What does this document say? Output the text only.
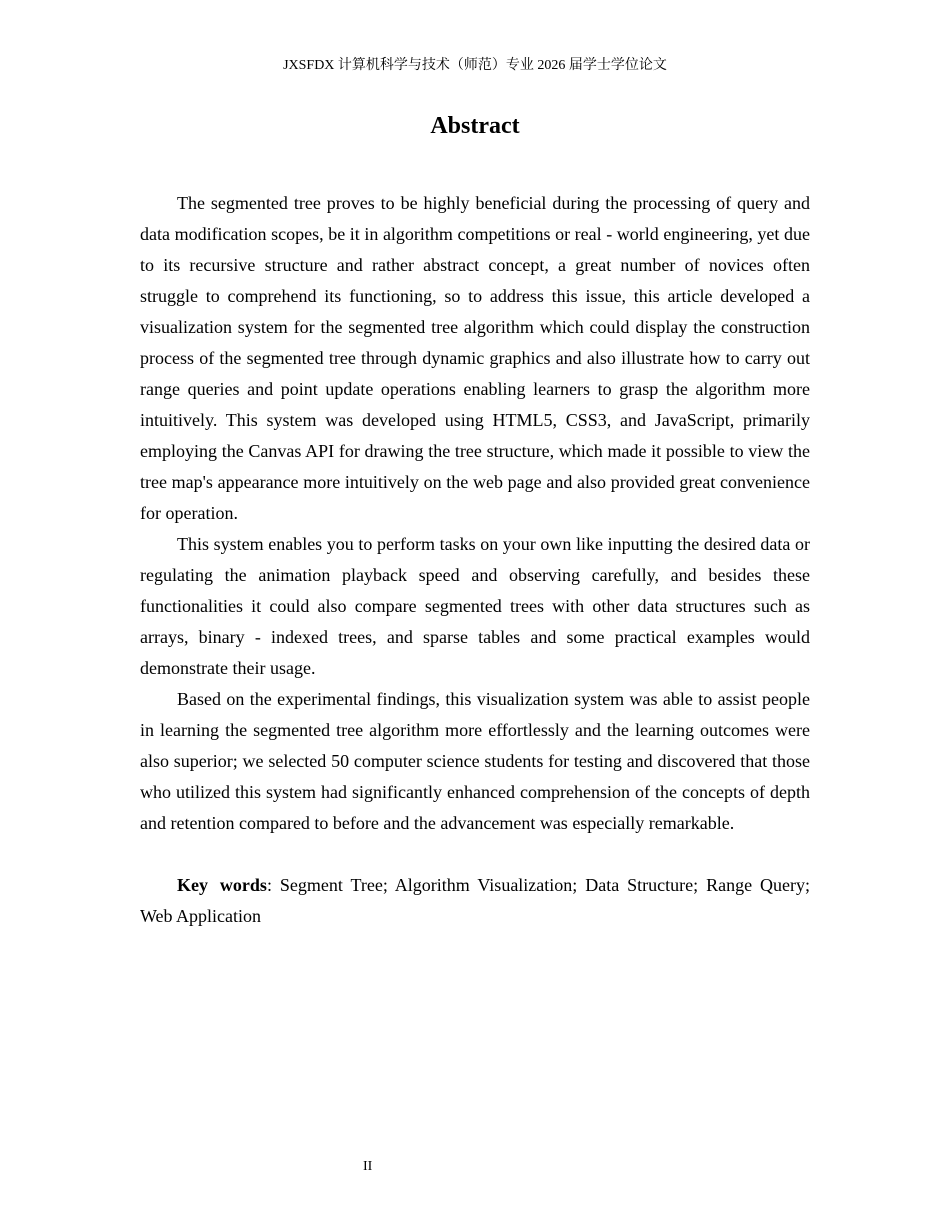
JXSFDX 计算机科学与技术（师范）专业 2026 届学士学位论文
Abstract

The segmented tree proves to be highly beneficial during the processing of query and data modification scopes, be it in algorithm competitions or real - world engineering, yet due to its recursive structure and rather abstract concept, a great number of novices often struggle to comprehend its functioning, so to address this issue, this article developed a visualization system for the segmented tree algorithm which could display the construction process of the segmented tree through dynamic graphics and also illustrate how to carry out range queries and point update operations enabling learners to grasp the algorithm more intuitively. This system was developed using HTML5, CSS3, and JavaScript, primarily employing the Canvas API for drawing the tree structure, which made it possible to view the tree map's appearance more intuitively on the web page and also provided great convenience for operation.

This system enables you to perform tasks on your own like inputting the desired data or regulating the animation playback speed and observing carefully, and besides these functionalities it could also compare segmented trees with other data structures such as arrays, binary - indexed trees, and sparse tables and some practical examples would demonstrate their usage.

Based on the experimental findings, this visualization system was able to assist people in learning the segmented tree algorithm more effortlessly and the learning outcomes were also superior; we selected 50 computer science students for testing and discovered that those who utilized this system had significantly enhanced comprehension of the concepts of depth and retention compared to before and the advancement was especially remarkable.

Key words: Segment Tree; Algorithm Visualization; Data Structure; Range Query; Web Application

II
